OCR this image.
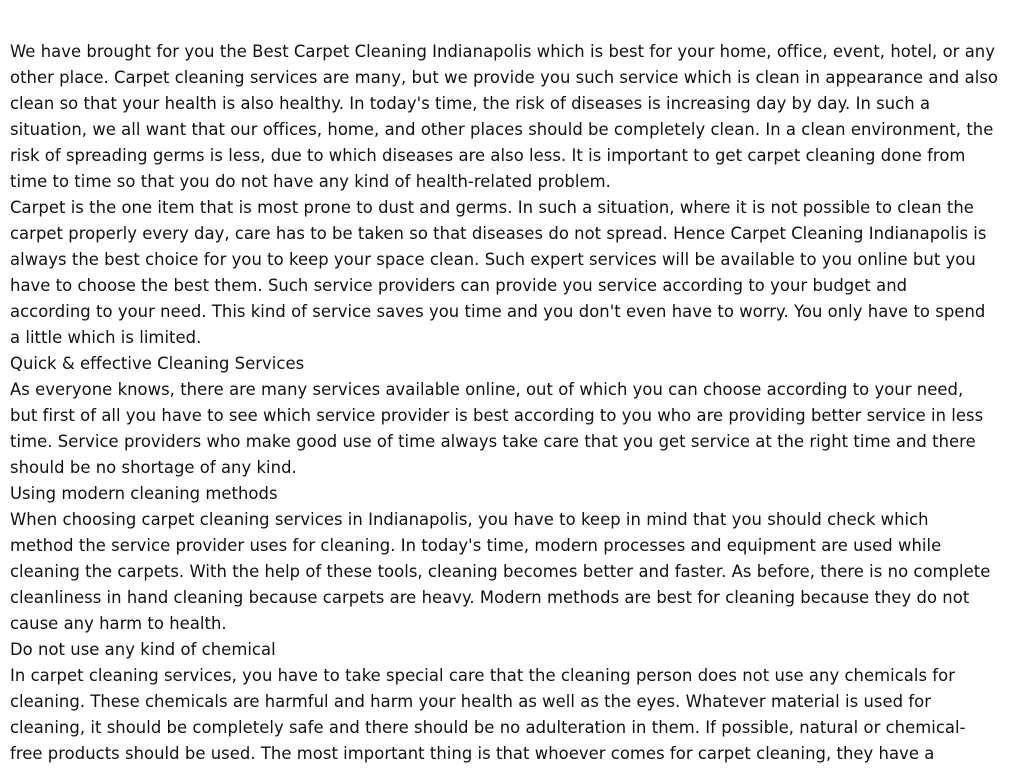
We have brought for you the Best Carpet Cleaning Indianapolis which is best for your home, office, event, hotel, or any

other place. Carpet cleaning services are many, but we provide you such service which is clean in appearance and also

clean so that your health is also healthy. In today's time, the risk of diseases is increasing day by day. In such a

situation, we all want that our offices, home, and other places should be completely clean. In a clean environment, the

risk of spreading germs is less, due to which diseases are also less. It is important to get carpet cleaning done from

time to time so that you do not have any kind of health-related problem.

Carpet is the one item that is most prone to dust and germs. In such a situation, where it is not possible to clean the

carpet properly every day, care has to be taken so that diseases do not spread. Hence Carpet Cleaning Indianapolis is

always the best choice for you to keep your space clean. Such expert services will be available to you online but you

have to choose the best them. Such service providers can provide you service according to your budget and

according to your need. This kind of service saves you time and you don't even have to worry. You only have to spend

a little which is limited.

Quick & effective Cleaning Services

As everyone knows, there are many services available online, out of which you can choose according to your need,

but first of all you have to see which service provider is best according to you who are providing better service in less

time. Service providers who make good use of time always take care that you get service at the right time and there

should be no shortage of any kind.

Using modern cleaning methods

When choosing carpet cleaning services in Indianapolis, you have to keep in mind that you should check which

method the service provider uses for cleaning. In today's time, modern processes and equipment are used while

cleaning the carpets. With the help of these tools, cleaning becomes better and faster. As before, there is no complete

cleanliness in hand cleaning because carpets are heavy. Modern methods are best for cleaning because they do not

cause any harm to health.

Do not use any kind of chemical

In carpet cleaning services, you have to take special care that the cleaning person does not use any chemicals for

cleaning. These chemicals are harmful and harm your health as well as the eyes. Whatever material is used for

cleaning, it should be completely safe and there should be no adulteration in them. If possible, natural or chemical-

free products should be used. The most important thing is that whoever comes for carpet cleaning, they have a
